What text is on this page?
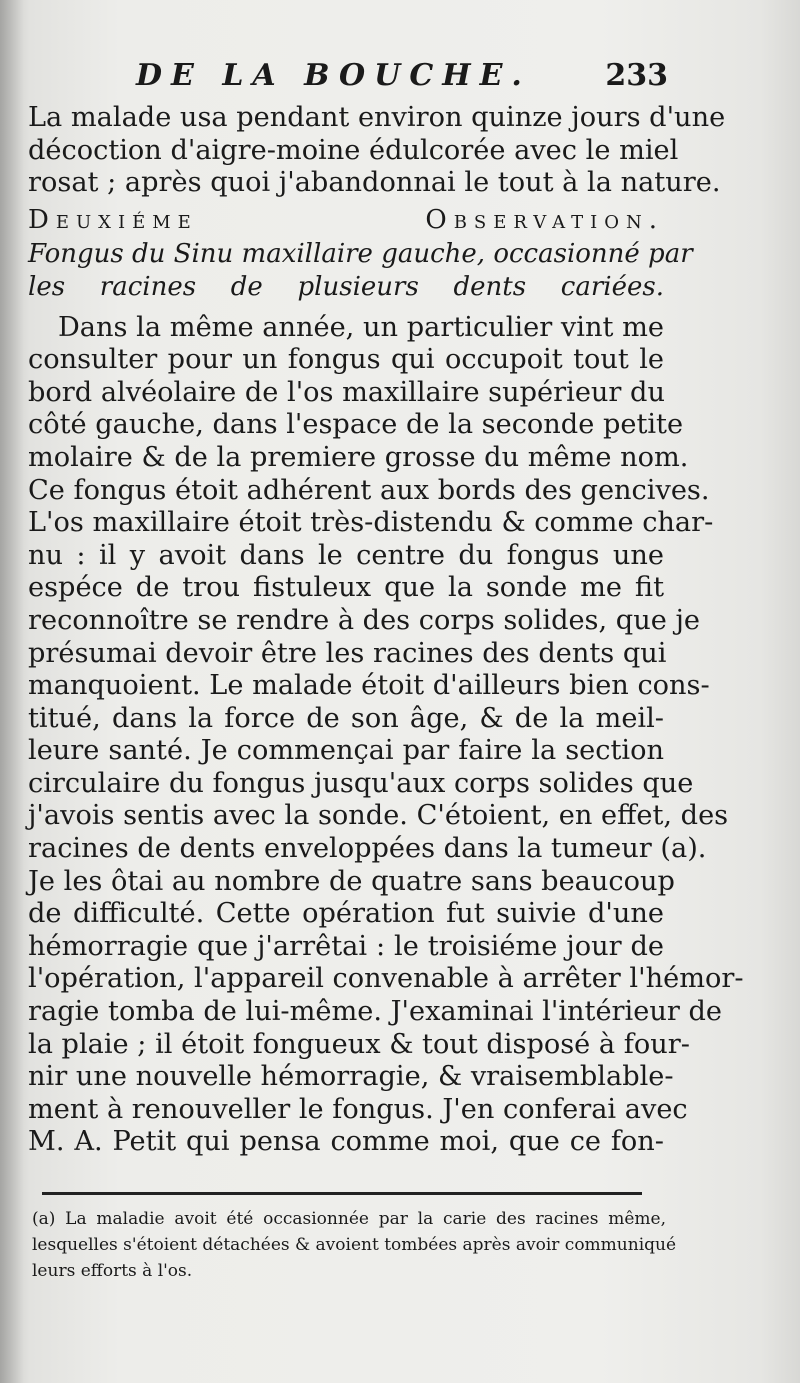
DE LA BOUCHE. 233
La malade usa pendant environ quinze jours d'une
décoction d'aigre-moine édulcorée avec le miel
rosat ; après quoi j'abandonnai le tout à la nature.
Deuxiéme Observation.
Fongus du Sinu maxillaire gauche, occasionné par
les racines de plusieurs dents cariées.
Dans la même année, un particulier vint me
consulter pour un fongus qui occupoit tout le
bord alvéolaire de l'os maxillaire supérieur du
côté gauche, dans l'espace de la seconde petite
molaire & de la premiere grosse du même nom.
Ce fongus étoit adhérent aux bords des gencives.
L'os maxillaire étoit très-distendu & comme char-
nu : il y avoit dans le centre du fongus une
espéce de trou fistuleux que la sonde me fit
reconnoître se rendre à des corps solides, que je
présumai devoir être les racines des dents qui
manquoient. Le malade étoit d'ailleurs bien cons-
titué, dans la force de son âge, & de la meil-
leure santé. Je commençai par faire la section
circulaire du fongus jusqu'aux corps solides que
j'avois sentis avec la sonde. C'étoient, en effet, des
racines de dents enveloppées dans la tumeur (a).
Je les ôtai au nombre de quatre sans beaucoup
de difficulté. Cette opération fut suivie d'une
hémorragie que j'arrêtai : le troisiéme jour de
l'opération, l'appareil convenable à arrêter l'hémor-
ragie tomba de lui-même. J'examinai l'intérieur de
la plaie ; il étoit fongueux & tout disposé à four-
nir une nouvelle hémorragie, & vraisemblable-
ment à renouveller le fongus. J'en conferai avec
M. A. Petit qui pensa comme moi, que ce fon-
(a) La maladie avoit été occasionnée par la carie des racines même,
lesquelles s'étoient détachées & avoient tombées après avoir communiqué
leurs efforts à l'os.
